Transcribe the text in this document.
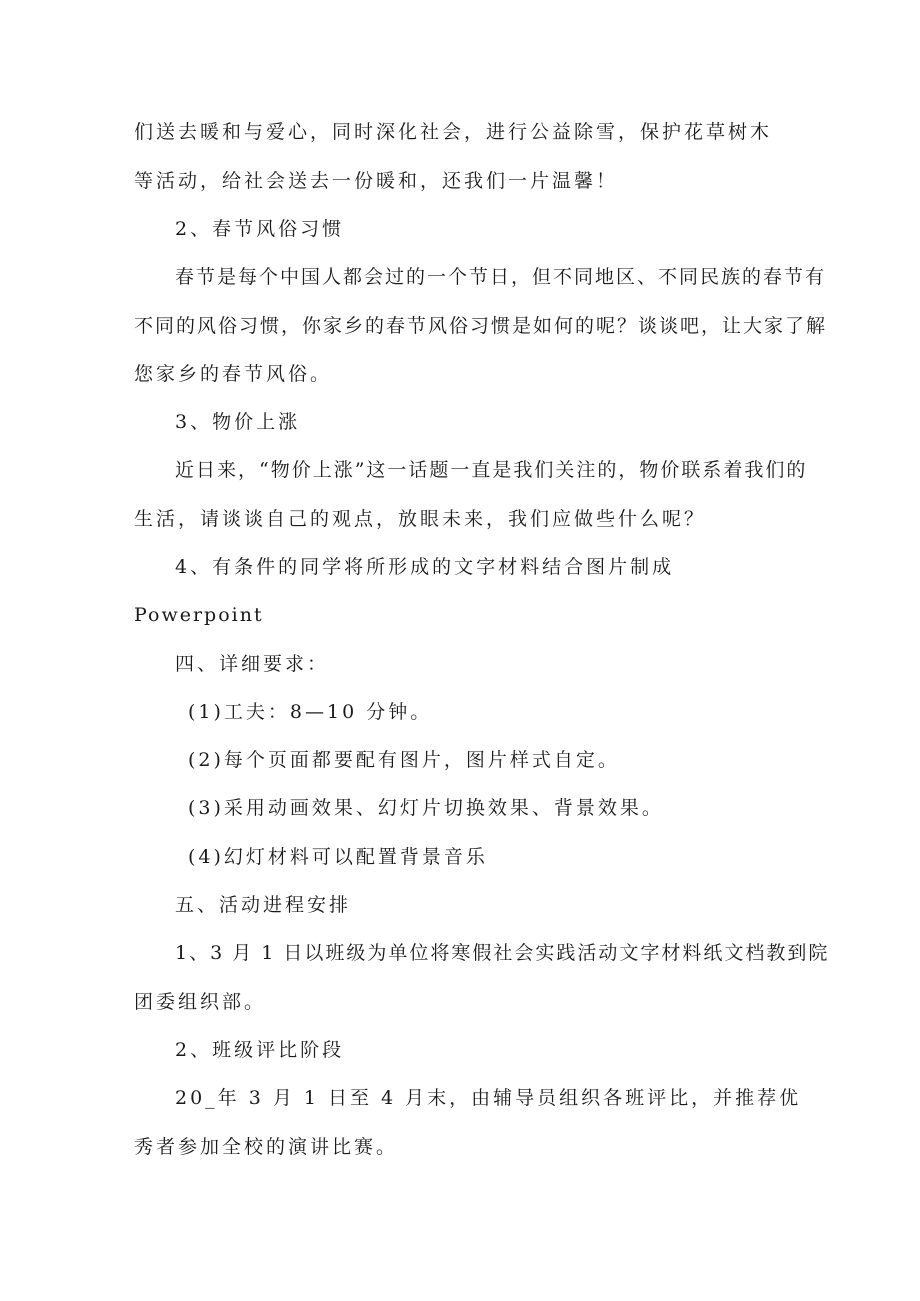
们送去暖和与爱心，同时深化社会，进行公益除雪，保护花草树木
等活动，给社会送去一份暖和，还我们一片温馨！
2、春节风俗习惯
春节是每个中国人都会过的一个节日，但不同地区、不同民族的春节有
不同的风俗习惯，你家乡的春节风俗习惯是如何的呢？谈谈吧，让大家了解
您家乡的春节风俗。
3、物价上涨
近日来，“物价上涨”这一话题一直是我们关注的，物价联系着我们的
生活，请谈谈自己的观点，放眼未来，我们应做些什么呢？
4、有条件的同学将所形成的文字材料结合图片制成
Powerpoint
四、详细要求：
(1)工夫：8—10 分钟。
(2)每个页面都要配有图片，图片样式自定。
(3)采用动画效果、幻灯片切换效果、背景效果。
(4)幻灯材料可以配置背景音乐
五、活动进程安排
1、3 月 1 日以班级为单位将寒假社会实践活动文字材料纸文档教到院
团委组织部。
2、班级评比阶段
20_年 3 月 1 日至 4 月末，由辅导员组织各班评比，并推荐优
秀者参加全校的演讲比赛。
